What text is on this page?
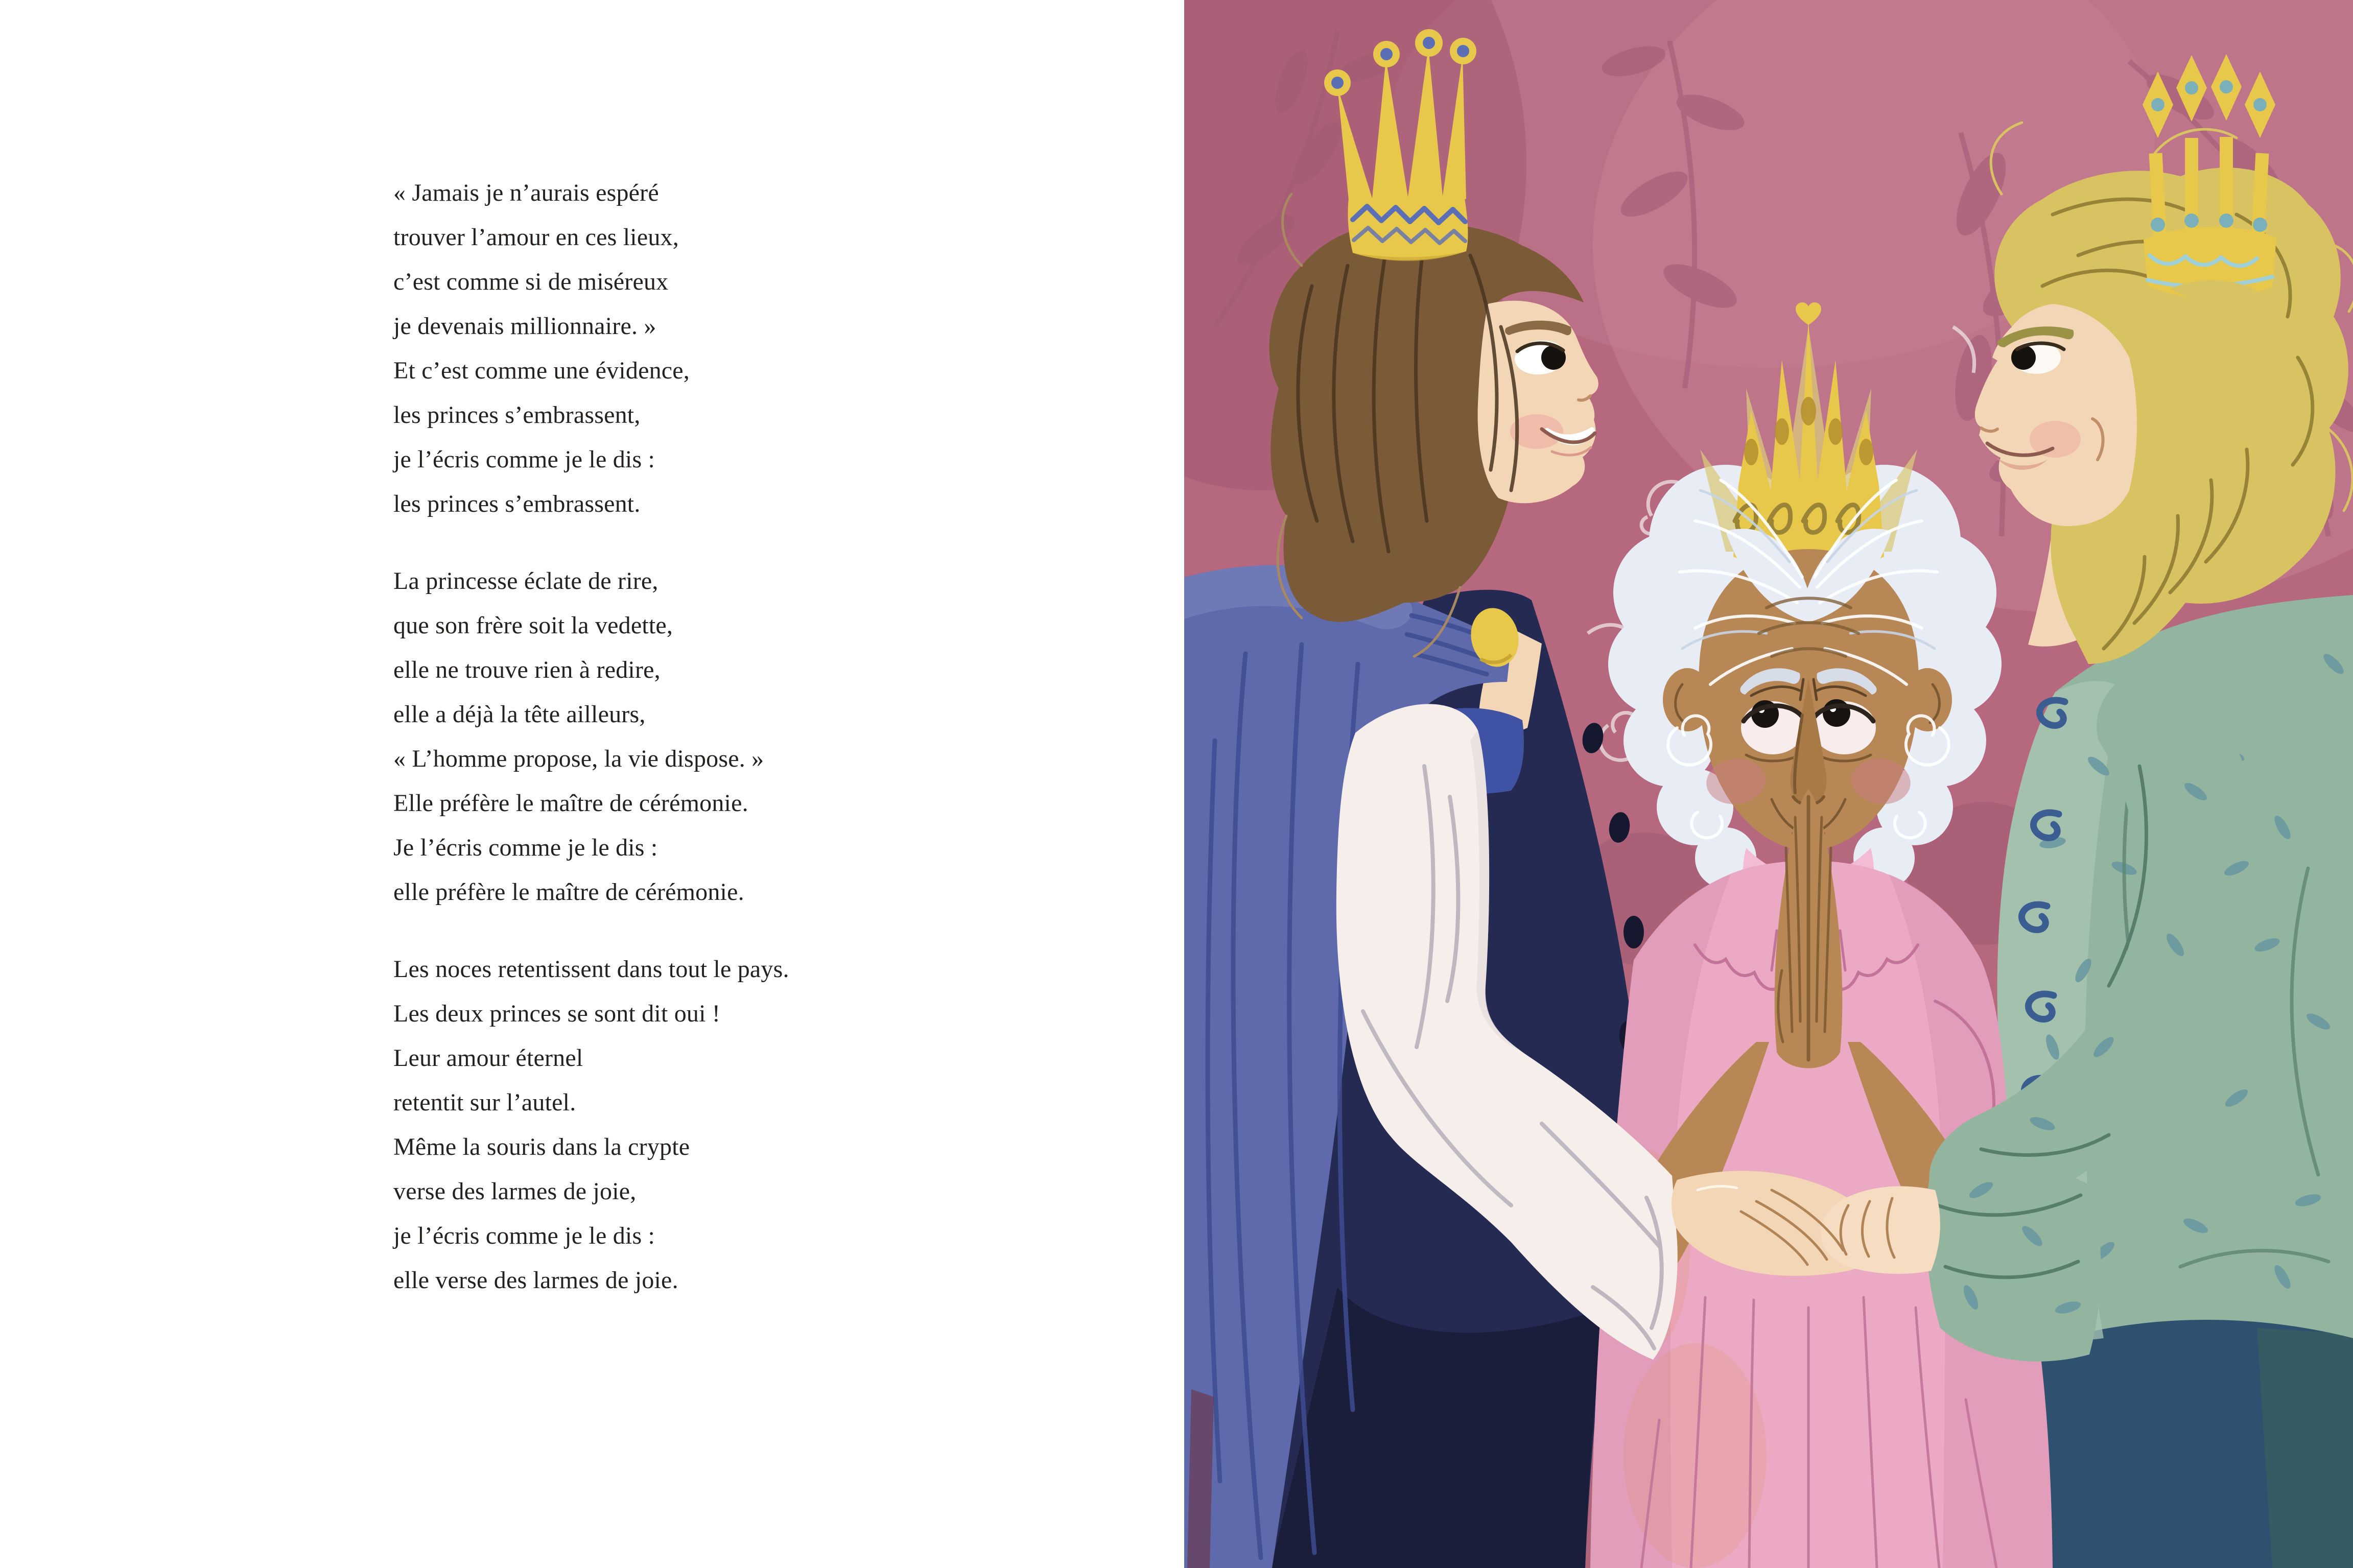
« Jamais je n’aurais espéré
trouver l’amour en ces lieux,
c’est comme si de miséreux
je devenais millionnaire. »
Et c’est comme une évidence,
les princes s’embrassent,
je l’écris comme je le dis :
les princes s’embrassent.
La princesse éclate de rire,
que son frère soit la vedette,
elle ne trouve rien à redire,
elle a déjà la tête ailleurs,
« L’homme propose, la vie dispose. »
Elle préfère le maître de cérémonie.
Je l’écris comme je le dis :
elle préfère le maître de cérémonie.
Les noces retentissent dans tout le pays.
Les deux princes se sont dit oui !
Leur amour éternel
retentit sur l’autel.
Même la souris dans la crypte
verse des larmes de joie,
je l’écris comme je le dis :
elle verse des larmes de joie.
